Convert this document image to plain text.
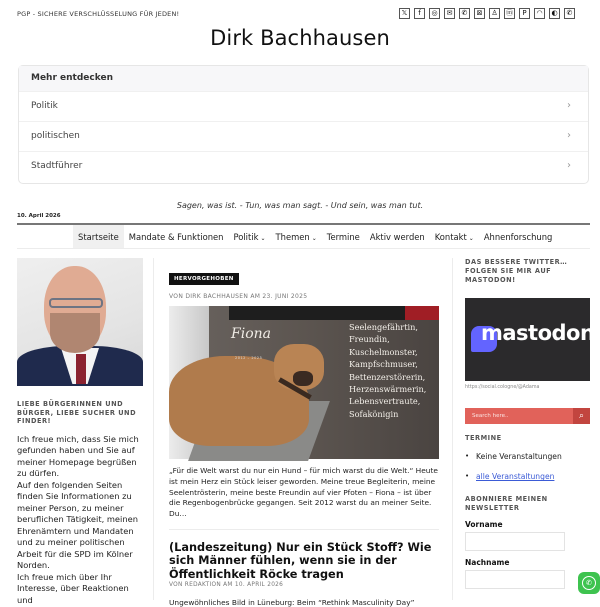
PGP - SICHERE VERSCHLÜSSELUNG FÜR JEDEN!	𝕏	f	◎	✉	✆	⊠	♙	ⓜ	P	◠	◐	✆
Dirk Bachhausen
Mehr entdecken
Politik	›
politischen	›
Stadtführer	›
Sagen, was ist. - Tun, was man sagt. - Und sein, was man tut.
10. April 2026
Startseite	Mandate & Funktionen	Politik ⌄	Themen ⌄	Termine	Aktiv werden	Kontakt ⌄	Ahnenforschung
LIEBE BÜRGERINNEN UND BÜRGER, LIEBE SUCHER UND FINDER!

Ich freue mich, dass Sie mich gefunden haben und Sie auf meiner Homepage begrüßen zu dürfen.

Auf den folgenden Seiten finden Sie Informationen zu meiner Person, zu meiner beruflichen Tätigkeit, meinen Ehrenämtern und Mandaten und zu meiner politischen Arbeit für die SPD im Kölner Norden.

Ich freue mich über Ihr Interesse, über Reaktionen und

HERVORGEHOBEN
VON DIRK BACHHAUSEN AM 23. JUNI 2025
Fiona
2012 – 2025
Seelengefährtin,
Freundin,
Kuschelmonster,
Kampfschmuser,
Bettenzerstörerin,
Herzenswärmerin,
Lebensvertraute,
Sofakönigin
„Für die Welt warst du nur ein Hund – für mich warst du die Welt.“ Heute ist mein Herz ein Stück leiser geworden. Meine treue Begleiterin, meine Seelentrösterin, meine beste Freundin auf vier Pfoten – Fiona – ist über die Regenbogenbrücke gegangen. Seit 2012 warst du an meiner Seite. Du…
(Landeszeitung) Nur ein Stück Stoff? Wie sich Männer fühlen, wenn sie in der Öffentlichkeit Röcke tragen
VON REDAKTION AM 10. APRIL 2026
Ungewöhnliches Bild in Lüneburg: Beim “Rethink Masculinity Day”
DAS BESSERE TWITTER… FOLGEN SIE MIR AUF MASTODON!
mastodon
https://social.cologne/@Adama
Search here..
⌕
TERMINE
• Keine Veranstaltungen
• alle Veranstaltungen
ABONNIERE MEINEN NEWSLETTER
Vorname
Nachname
✆
